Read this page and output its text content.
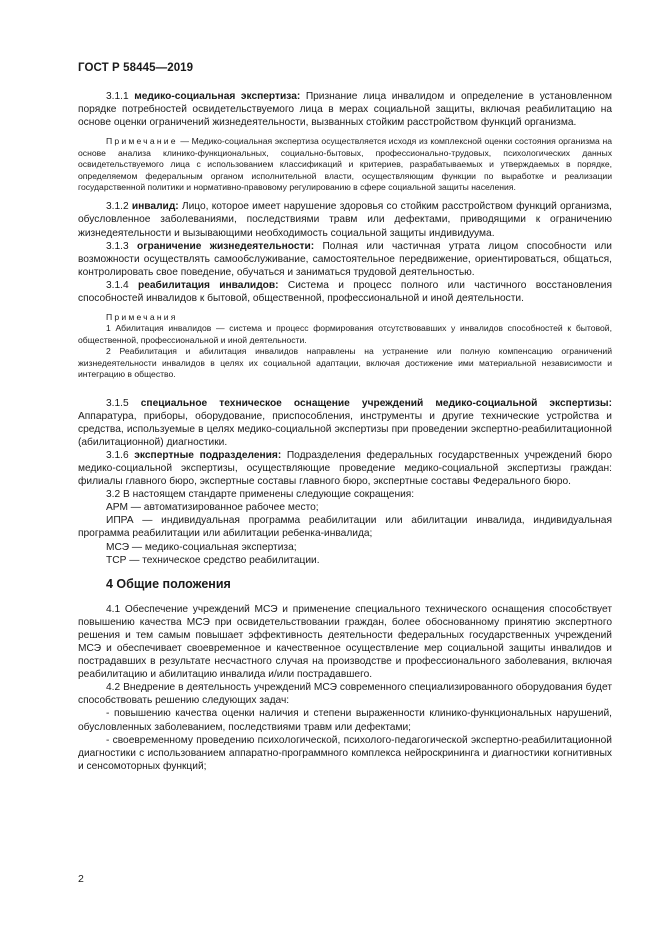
ГОСТ Р 58445—2019

3.1.1 медико-социальная экспертиза: Признание лица инвалидом и определение в установленном порядке потребностей освидетельствуемого лица в мерах социальной защиты, включая реабилитацию на основе оценки ограничений жизнедеятельности, вызванных стойким расстройством функций организма.

Примечание — Медико-социальная экспертиза осуществляется исходя из комплексной оценки состояния организма на основе анализа клинико-функциональных, социально-бытовых, профессионально-трудовых, психологических данных освидетельствуемого лица с использованием классификаций и критериев, разрабатываемых и утверждаемых в порядке, определяемом федеральным органом исполнительной власти, осуществляющим функции по выработке и реализации государственной политики и нормативно-правовому регулированию в сфере социальной защиты населения.

3.1.2 инвалид: Лицо, которое имеет нарушение здоровья со стойким расстройством функций организма, обусловленное заболеваниями, последствиями травм или дефектами, приводящими к ограничению жизнедеятельности и вызывающими необходимость социальной защиты индивидуума.

3.1.3 ограничение жизнедеятельности: Полная или частичная утрата лицом способности или возможности осуществлять самообслуживание, самостоятельное передвижение, ориентироваться, общаться, контролировать свое поведение, обучаться и заниматься трудовой деятельностью.

3.1.4 реабилитация инвалидов: Система и процесс полного или частичного восстановления способностей инвалидов к бытовой, общественной, профессиональной и иной деятельности.

Примечания

1 Абилитация инвалидов — система и процесс формирования отсутствовавших у инвалидов способностей к бытовой, общественной, профессиональной и иной деятельности.

2 Реабилитация и абилитация инвалидов направлены на устранение или полную компенсацию ограничений жизнедеятельности инвалидов в целях их социальной адаптации, включая достижение ими материальной независимости и интеграцию в общество.

3.1.5 специальное техническое оснащение учреждений медико-социальной экспертизы: Аппаратура, приборы, оборудование, приспособления, инструменты и другие технические устройства и средства, используемые в целях медико-социальной экспертизы при проведении экспертно-реабилитационной (абилитационной) диагностики.

3.1.6 экспертные подразделения: Подразделения федеральных государственных учреждений бюро медико-социальной экспертизы, осуществляющие проведение медико-социальной экспертизы граждан: филиалы главного бюро, экспертные составы главного бюро, экспертные составы Федерального бюро.

3.2 В настоящем стандарте применены следующие сокращения:

АРМ — автоматизированное рабочее место;

ИПРА — индивидуальная программа реабилитации или абилитации инвалида, индивидуальная программа реабилитации или абилитации ребенка-инвалида;

МСЭ — медико-социальная экспертиза;

ТСР — техническое средство реабилитации.

4 Общие положения

4.1 Обеспечение учреждений МСЭ и применение специального технического оснащения способствует повышению качества МСЭ при освидетельствовании граждан, более обоснованному принятию экспертного решения и тем самым повышает эффективность деятельности федеральных государственных учреждений МСЭ и обеспечивает своевременное и качественное осуществление мер социальной защиты инвалидов и пострадавших в результате несчастного случая на производстве и профессионального заболевания, включая реабилитацию и абилитацию инвалида и/или пострадавшего.

4.2 Внедрение в деятельность учреждений МСЭ современного специализированного оборудования будет способствовать решению следующих задач:

- повышению качества оценки наличия и степени выраженности клинико-функциональных нарушений, обусловленных заболеванием, последствиями травм или дефектами;

- своевременному проведению психологической, психолого-педагогической экспертно-реабилитационной диагностики с использованием аппаратно-программного комплекса нейроскрининга и диагностики когнитивных и сенсомоторных функций;

2
